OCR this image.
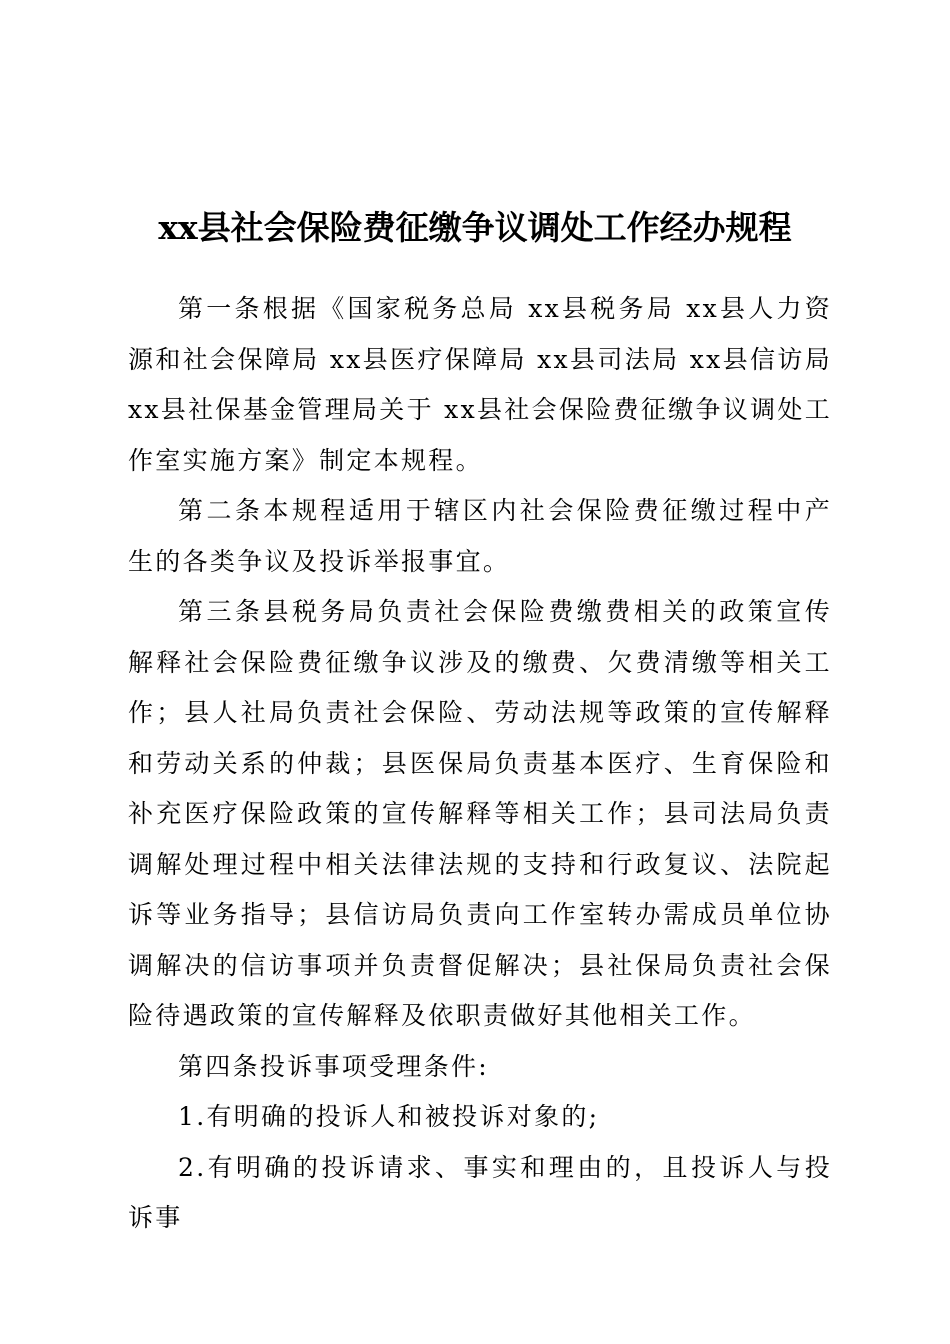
xx县社会保险费征缴争议调处工作经办规程

第一条根据《国家税务总局 xx县税务局 xx县人力资源和社会保障局 xx县医疗保障局 xx县司法局 xx县信访局 xx县社保基金管理局关于 xx县社会保险费征缴争议调处工作室实施方案》制定本规程。

第二条本规程适用于辖区内社会保险费征缴过程中产生的各类争议及投诉举报事宜。

第三条县税务局负责社会保险费缴费相关的政策宣传解释社会保险费征缴争议涉及的缴费、欠费清缴等相关工作；县人社局负责社会保险、劳动法规等政策的宣传解释和劳动关系的仲裁；县医保局负责基本医疗、生育保险和补充医疗保险政策的宣传解释等相关工作；县司法局负责调解处理过程中相关法律法规的支持和行政复议、法院起诉等业务指导；县信访局负责向工作室转办需成员单位协调解决的信访事项并负责督促解决；县社保局负责社会保险待遇政策的宣传解释及依职责做好其他相关工作。

第四条投诉事项受理条件:

1.有明确的投诉人和被投诉对象的;

2.有明确的投诉请求、事实和理由的，且投诉人与投诉事
